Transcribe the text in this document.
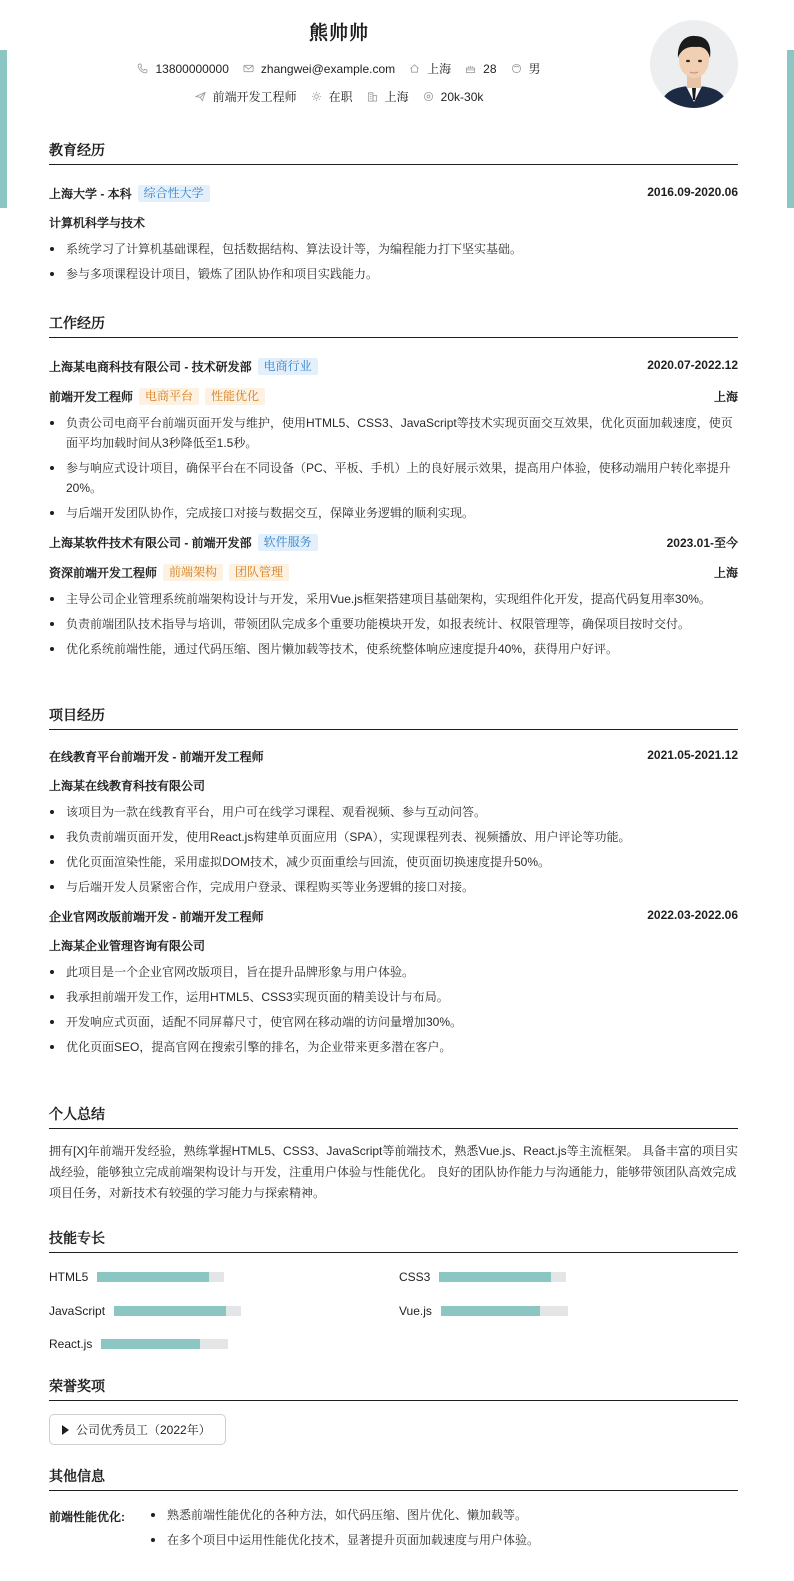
熊帅帅
13800000000	zhangwei@example.com	上海	28	男
前端开发工程师	在职	上海	20k-30k
教育经历
上海大学 - 本科	综合性大学	2016.09-2020.06
计算机科学与技术
系统学习了计算机基础课程，包括数据结构、算法设计等，为编程能力打下坚实基础。
参与多项课程设计项目，锻炼了团队协作和项目实践能力。
工作经历
上海某电商科技有限公司 - 技术研发部	电商行业	2020.07-2022.12
前端开发工程师	电商平台	性能优化	上海
负责公司电商平台前端页面开发与维护，使用HTML5、CSS3、JavaScript等技术实现页面交互效果，优化页面加载速度，使页面平均加载时间从3秒降低至1.5秒。
参与响应式设计项目，确保平台在不同设备（PC、平板、手机）上的良好展示效果，提高用户体验，使移动端用户转化率提升20%。
与后端开发团队协作，完成接口对接与数据交互，保障业务逻辑的顺利实现。
上海某软件技术有限公司 - 前端开发部	软件服务	2023.01-至今
资深前端开发工程师	前端架构	团队管理	上海
主导公司企业管理系统前端架构设计与开发，采用Vue.js框架搭建项目基础架构，实现组件化开发，提高代码复用率30%。
负责前端团队技术指导与培训，带领团队完成多个重要功能模块开发，如报表统计、权限管理等，确保项目按时交付。
优化系统前端性能，通过代码压缩、图片懒加载等技术，使系统整体响应速度提升40%，获得用户好评。
项目经历
在线教育平台前端开发 - 前端开发工程师	2021.05-2021.12
上海某在线教育科技有限公司
该项目为一款在线教育平台，用户可在线学习课程、观看视频、参与互动问答。
我负责前端页面开发，使用React.js构建单页面应用（SPA），实现课程列表、视频播放、用户评论等功能。
优化页面渲染性能，采用虚拟DOM技术，减少页面重绘与回流，使页面切换速度提升50%。
与后端开发人员紧密合作，完成用户登录、课程购买等业务逻辑的接口对接。
企业官网改版前端开发 - 前端开发工程师	2022.03-2022.06
上海某企业管理咨询有限公司
此项目是一个企业官网改版项目，旨在提升品牌形象与用户体验。
我承担前端开发工作，运用HTML5、CSS3实现页面的精美设计与布局。
开发响应式页面，适配不同屏幕尺寸，使官网在移动端的访问量增加30%。
优化页面SEO，提高官网在搜索引擎的排名，为企业带来更多潜在客户。
个人总结
拥有[X]年前端开发经验，熟练掌握HTML5、CSS3、JavaScript等前端技术，熟悉Vue.js、React.js等主流框架。 具备丰富的项目实战经验，能够独立完成前端架构设计与开发，注重用户体验与性能优化。 良好的团队协作能力与沟通能力，能够带领团队高效完成项目任务，对新技术有较强的学习能力与探索精神。
技能专长
HTML5	CSS3
JavaScript	Vue.js
React.js
荣誉奖项
公司优秀员工（2022年）
其他信息
前端性能优化:	熟悉前端性能优化的各种方法，如代码压缩、图片优化、懒加载等。
在多个项目中运用性能优化技术，显著提升页面加载速度与用户体验。
